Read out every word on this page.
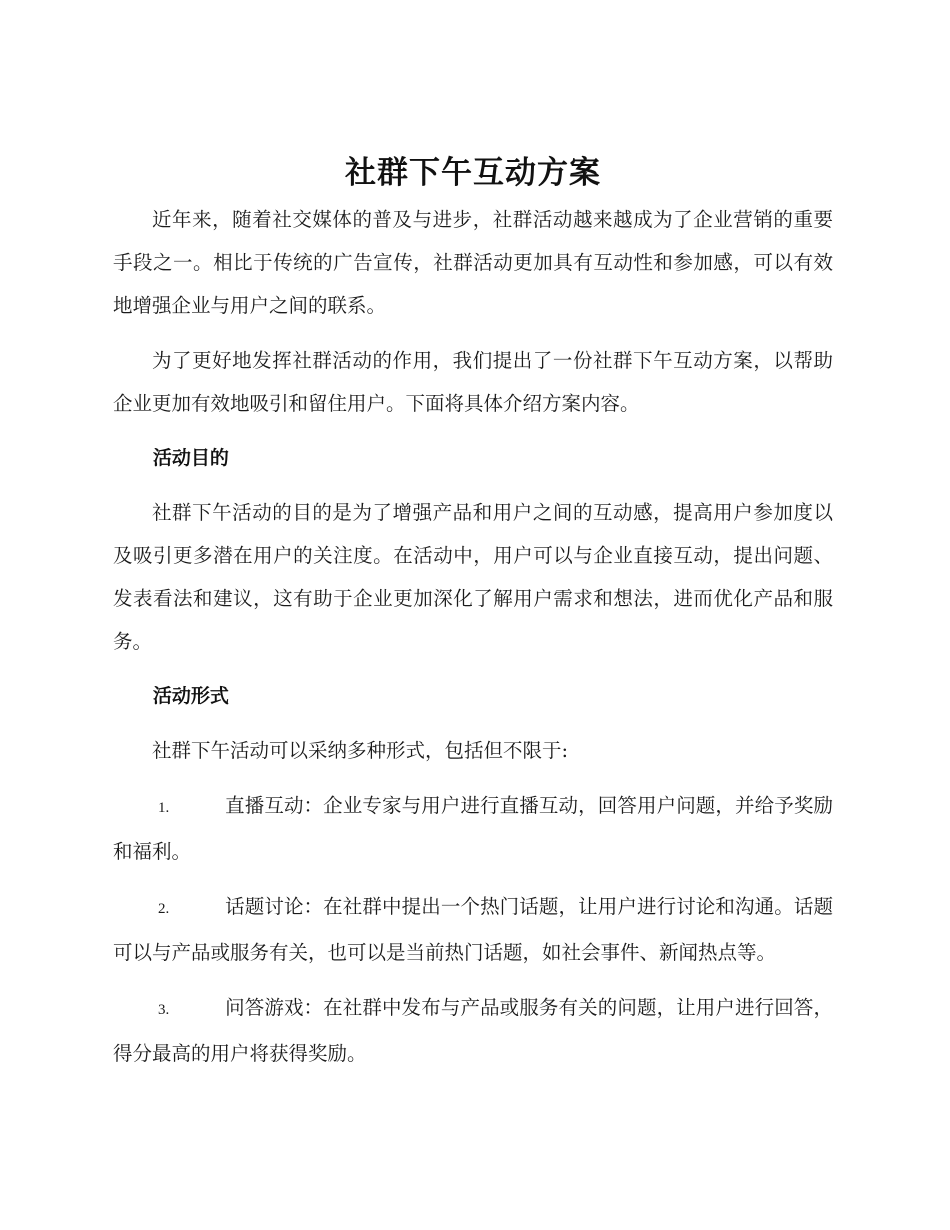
社群下午互动方案

近年来，随着社交媒体的普及与进步，社群活动越来越成为了企业营销的重要手段之一。相比于传统的广告宣传，社群活动更加具有互动性和参加感，可以有效地增强企业与用户之间的联系。

为了更好地发挥社群活动的作用，我们提出了一份社群下午互动方案，以帮助企业更加有效地吸引和留住用户。下面将具体介绍方案内容。

活动目的

社群下午活动的目的是为了增强产品和用户之间的互动感，提高用户参加度以及吸引更多潜在用户的关注度。在活动中，用户可以与企业直接互动，提出问题、发表看法和建议，这有助于企业更加深化了解用户需求和想法，进而优化产品和服务。

活动形式

社群下午活动可以采纳多种形式，包括但不限于:

1.	直播互动：企业专家与用户进行直播互动，回答用户问题，并给予奖励和福利。

2.	话题讨论：在社群中提出一个热门话题，让用户进行讨论和沟通。话题可以与产品或服务有关，也可以是当前热门话题，如社会事件、新闻热点等。

3.	问答游戏：在社群中发布与产品或服务有关的问题，让用户进行回答，得分最高的用户将获得奖励。
